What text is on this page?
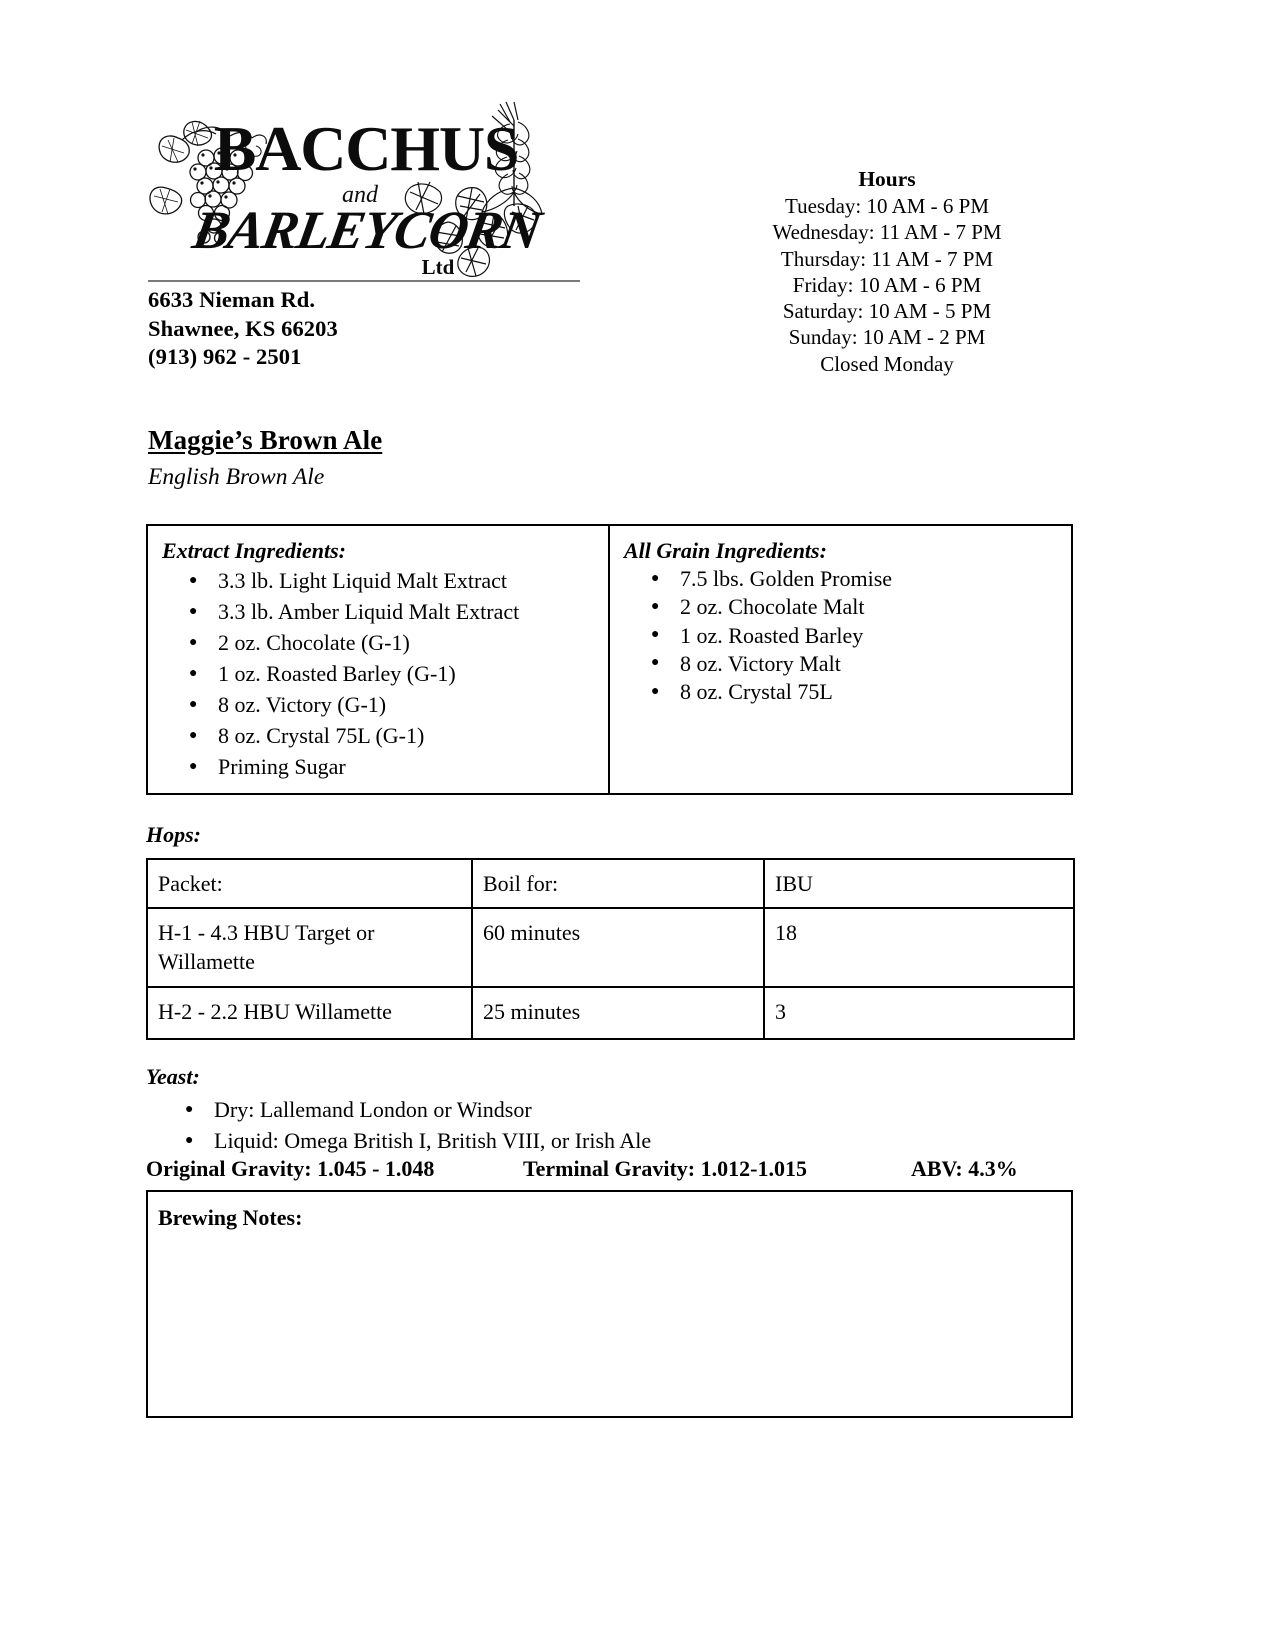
BACCHUS
and
BARLEYCORN
Ltd
6633 Nieman Rd.
Shawnee, KS 66203
(913) 962 - 2501
Hours
Tuesday: 10 AM - 6 PM
Wednesday: 11 AM - 7 PM
Thursday: 11 AM - 7 PM
Friday: 10 AM - 6 PM
Saturday: 10 AM - 5 PM
Sunday: 10 AM - 2 PM
Closed Monday
Maggie’s Brown Ale
English Brown Ale
Extract Ingredients:
● 3.3 lb. Light Liquid Malt Extract
● 3.3 lb. Amber Liquid Malt Extract
● 2 oz. Chocolate (G-1)
● 1 oz. Roasted Barley (G-1)
● 8 oz. Victory (G-1)
● 8 oz. Crystal 75L (G-1)
● Priming Sugar
All Grain Ingredients:
● 7.5 lbs. Golden Promise
● 2 oz. Chocolate Malt
● 1 oz. Roasted Barley
● 8 oz. Victory Malt
● 8 oz. Crystal 75L
Hops:
Packet:	Boil for:	IBU
H-1 - 4.3 HBU Target or Willamette	60 minutes	18
H-2 - 2.2 HBU Willamette	25 minutes	3
Yeast:
● Dry: Lallemand London or Windsor
● Liquid: Omega British I, British VIII, or Irish Ale
Original Gravity: 1.045 - 1.048	Terminal Gravity: 1.012-1.015	ABV: 4.3%
Brewing Notes:
